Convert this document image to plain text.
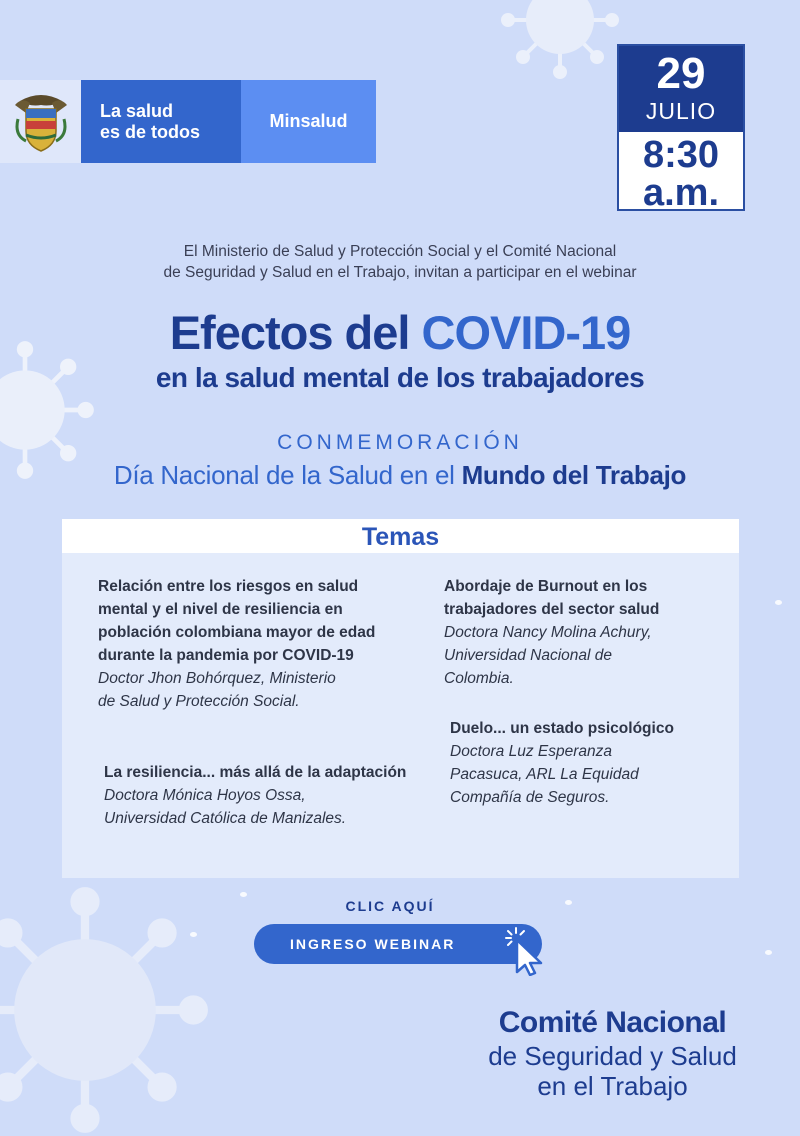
La salud
es de todos
Minsalud
29
JULIO
8:30
a.m.
El Ministerio de Salud y Protección Social y el Comité Nacional
de Seguridad y Salud en el Trabajo, invitan a participar en el webinar
Efectos del COVID-19
en la salud mental de los trabajadores
CONMEMORACIÓN
Día Nacional de la Salud en el Mundo del Trabajo
Temas
Relación entre los riesgos en salud
mental y el nivel de resiliencia en
población colombiana mayor de edad
durante la pandemia por COVID-19
Doctor Jhon Bohórquez, Ministerio
de Salud y Protección Social.
Abordaje de Burnout en los
trabajadores del sector salud
Doctora Nancy Molina Achury,
Universidad Nacional de
Colombia.
Duelo... un estado psicológico
Doctora Luz Esperanza
Pacasuca, ARL La Equidad
Compañía de Seguros.
La resiliencia... más allá de la adaptación
Doctora Mónica Hoyos Ossa,
Universidad Católica de Manizales.
CLIC AQUÍ
INGRESO WEBINAR
Comité Nacional
de Seguridad y Salud
en el Trabajo
